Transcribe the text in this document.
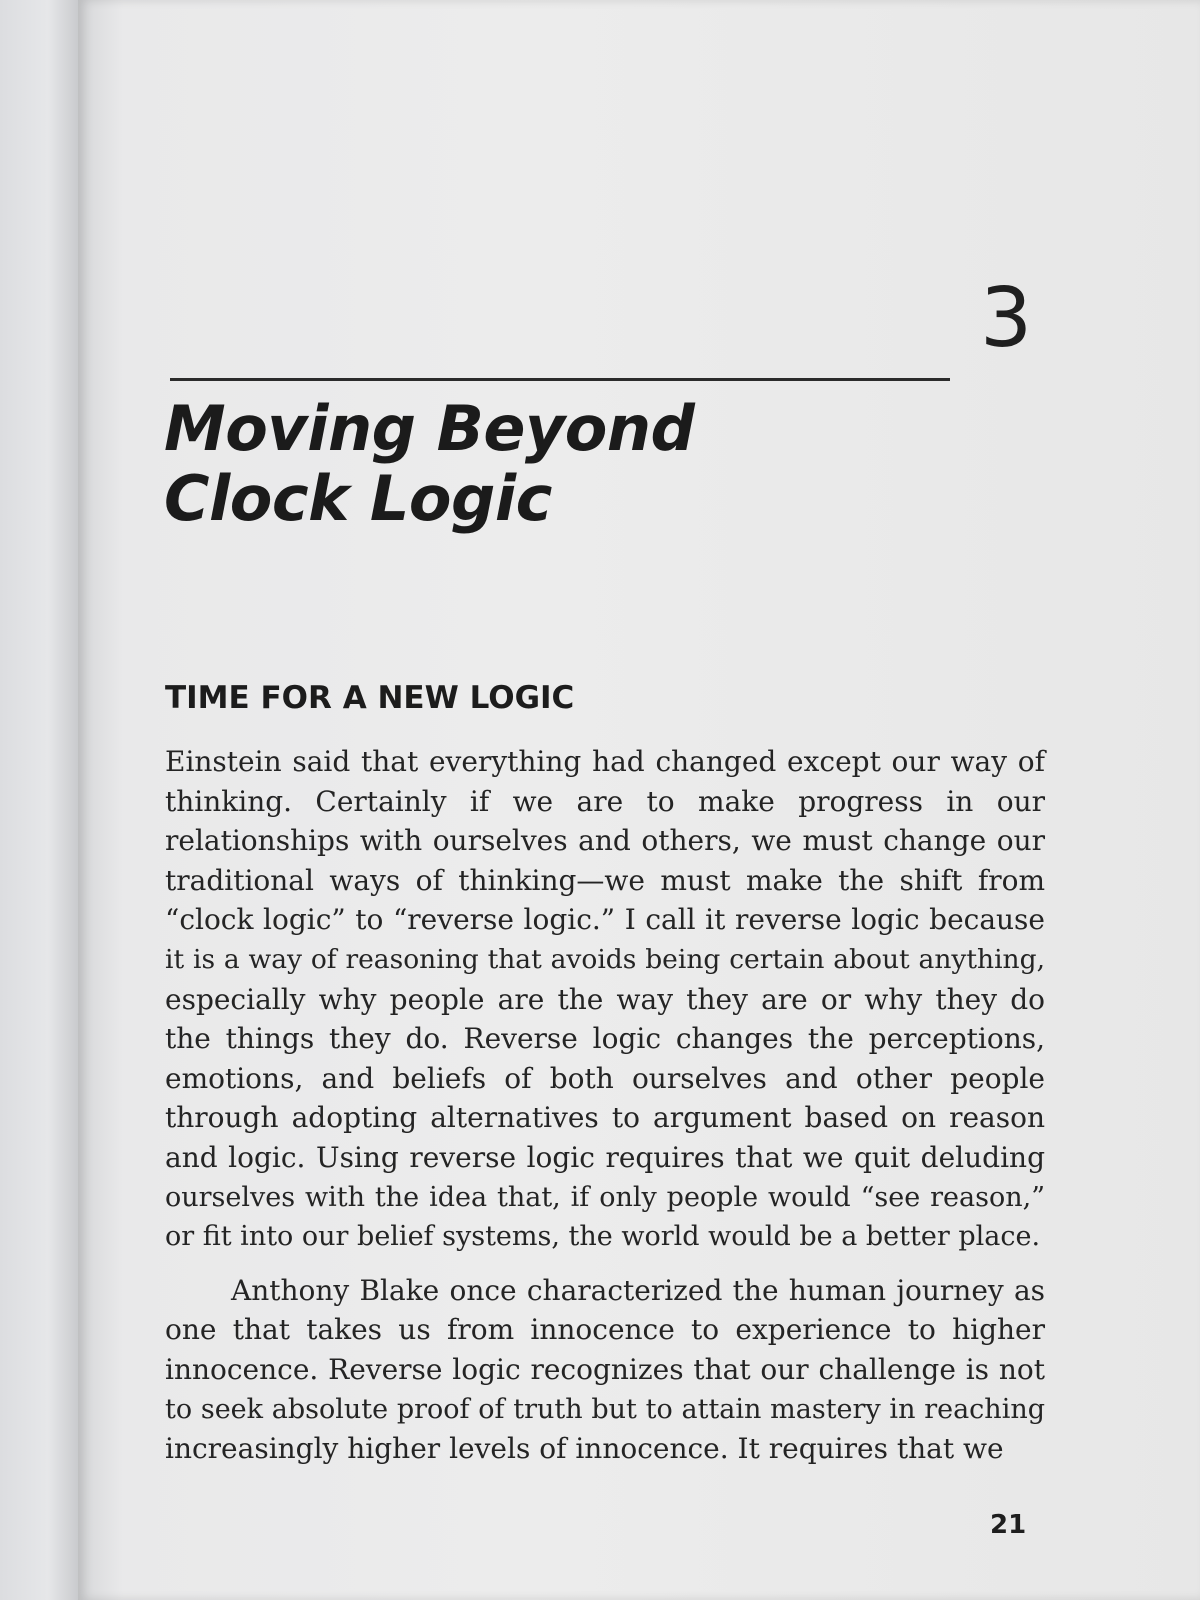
3
Moving Beyond
Clock Logic
TIME FOR A NEW LOGIC

Einstein said that everything had changed except our way of
thinking. Certainly if we are to make progress in our
relationships with ourselves and others, we must change our
traditional ways of thinking—we must make the shift from
“clock logic” to “reverse logic.” I call it reverse logic because
it is a way of reasoning that avoids being certain about anything,
especially why people are the way they are or why they do
the things they do. Reverse logic changes the perceptions,
emotions, and beliefs of both ourselves and other people
through adopting alternatives to argument based on reason
and logic. Using reverse logic requires that we quit deluding
ourselves with the idea that, if only people would “see reason,”
or fit into our belief systems, the world would be a better place.

Anthony Blake once characterized the human journey as
one that takes us from innocence to experience to higher
innocence. Reverse logic recognizes that our challenge is not
to seek absolute proof of truth but to attain mastery in reaching
increasingly higher levels of innocence. It requires that we

21
